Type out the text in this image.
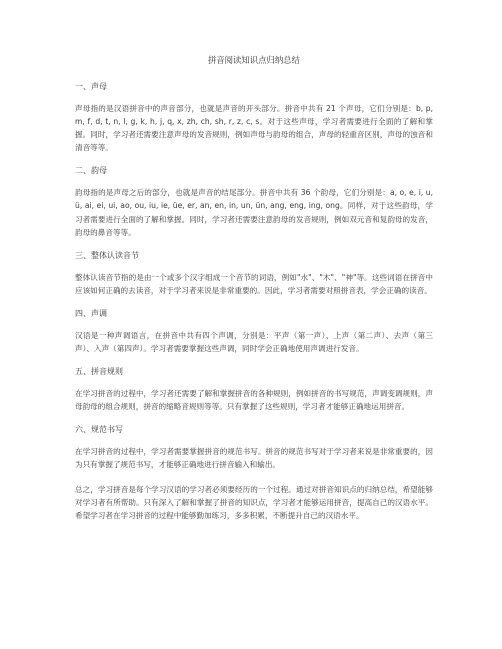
拼音阅读知识点归纳总结
一、声母
声母指的是汉语拼音中的声音部分，也就是声音的开头部分。拼音中共有 21 个声母，它们分别是：b, p, m, f, d, t, n, l, g, k, h, j, q, x, zh, ch, sh, r, z, c, s。对于这些声母，学习者需要进行全面的了解和掌握。同时，学习者还需要注意声母的发音规则，例如声母与韵母的组合，声母的轻重音区别，声母的浊音和清音等等。
二、韵母
韵母指的是声母之后的部分，也就是声音的结尾部分。拼音中共有 36 个韵母，它们分别是：a, o, e, i, u, ü, ai, ei, ui, ao, ou, iu, ie, üe, er, an, en, in, un, ün, ang, eng, ing, ong。同样，对于这些韵母，学习者需要进行全面的了解和掌握。同时，学习者还需要注意韵母的发音规则，例如双元音和复韵母的发音，韵母的鼻音等等。
三、整体认读音节
整体认读音节指的是由一个或多个汉字组成一个音节的词语，例如"水"、"木"、"神"等。这些词语在拼音中应该如何正确的去读音，对于学习者来说是非常重要的。因此，学习者需要对照拼音表，学会正确的读音。
四、声调
汉语是一种声调语言，在拼音中共有四个声调，分别是：平声（第一声）、上声（第二声）、去声（第三声）、入声（第四声）。学习者需要掌握这些声调，同时学会正确地使用声调进行发音。
五、拼音规则
在学习拼音的过程中，学习者还需要了解和掌握拼音的各种规则，例如拼音的书写规范，声调变调规则，声母韵母的组合规则，拼音的缩略音规则等等。只有掌握了这些规则，学习者才能够正确地运用拼音。
六、规范书写
在学习拼音的过程中，学习者需要掌握拼音的规范书写。拼音的规范书写对于学习者来说是非常重要的，因为只有掌握了规范书写，才能够正确地进行拼音输入和输出。
总之，学习拼音是每个学习汉语的学习者必须要经历的一个过程。通过对拼音知识点的归纳总结，希望能够对学习者有所帮助。只有深入了解和掌握了拼音的知识点，学习者才能够运用拼音，提高自己的汉语水平。希望学习者在学习拼音的过程中能够勤加练习，多多积累，不断提升自己的汉语水平。
